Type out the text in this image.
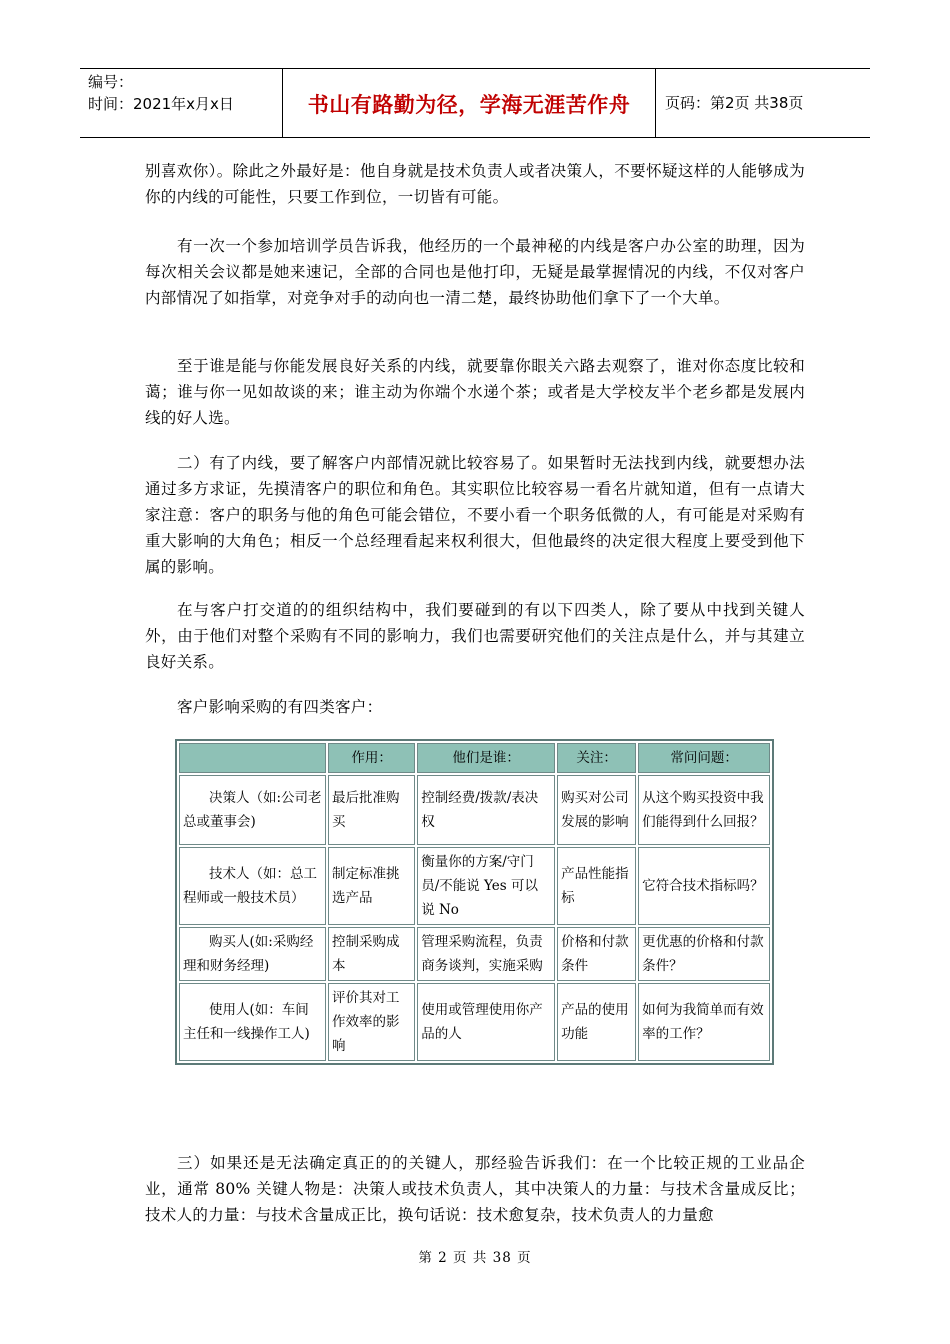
编号：
时间：2021年x月x日	书山有路勤为径，学海无涯苦作舟	页码：第2页 共38页
别喜欢你）。除此之外最好是：他自身就是技术负责人或者决策人，不要怀疑这样的人能够成为你的内线的可能性，只要工作到位，一切皆有可能。
有一次一个参加培训学员告诉我，他经历的一个最神秘的内线是客户办公室的助理，因为每次相关会议都是她来速记，全部的合同也是他打印，无疑是最掌握情况的内线，不仅对客户内部情况了如指掌，对竞争对手的动向也一清二楚，最终协助他们拿下了一个大单。
至于谁是能与你能发展良好关系的内线，就要靠你眼关六路去观察了，谁对你态度比较和蔼；谁与你一见如故谈的来；谁主动为你端个水递个茶；或者是大学校友半个老乡都是发展内线的好人选。
二）有了内线，要了解客户内部情况就比较容易了。如果暂时无法找到内线，就要想办法通过多方求证，先摸清客户的职位和角色。其实职位比较容易一看名片就知道，但有一点请大家注意：客户的职务与他的角色可能会错位，不要小看一个职务低微的人，有可能是对采购有重大影响的大角色；相反一个总经理看起来权利很大，但他最终的决定很大程度上要受到他下属的影响。
在与客户打交道的的组织结构中，我们要碰到的有以下四类人，除了要从中找到关键人外，由于他们对整个采购有不同的影响力，我们也需要研究他们的关注点是什么，并与其建立良好关系。
客户影响采购的有四类客户：
	作用：	他们是谁：	关注：	常问问题：
决策人（如:公司老总或董事会)	最后批准购买	控制经费/拨款/表决权	购买对公司发展的影响	从这个购买投资中我们能得到什么回报？
技术人（如：总工程师或一般技术员）	制定标准挑选产品	衡量你的方案/守门员/不能说 Yes 可以说 No	产品性能指标	它符合技术指标吗？
购买人(如:采购经理和财务经理)	控制采购成本	管理采购流程，负责商务谈判，实施采购	价格和付款条件	更优惠的价格和付款条件？
使用人(如：车间主任和一线操作工人)	评价其对工作效率的影响	使用或管理使用你产品的人	产品的使用功能	如何为我简单而有效率的工作？
三）如果还是无法确定真正的的关键人，那经验告诉我们：在一个比较正规的工业品企业，通常 80% 关键人物是：决策人或技术负责人，其中决策人的力量：与技术含量成反比；技术人的力量：与技术含量成正比，换句话说：技术愈复杂，技术负责人的力量愈
第 2 页 共 38 页
